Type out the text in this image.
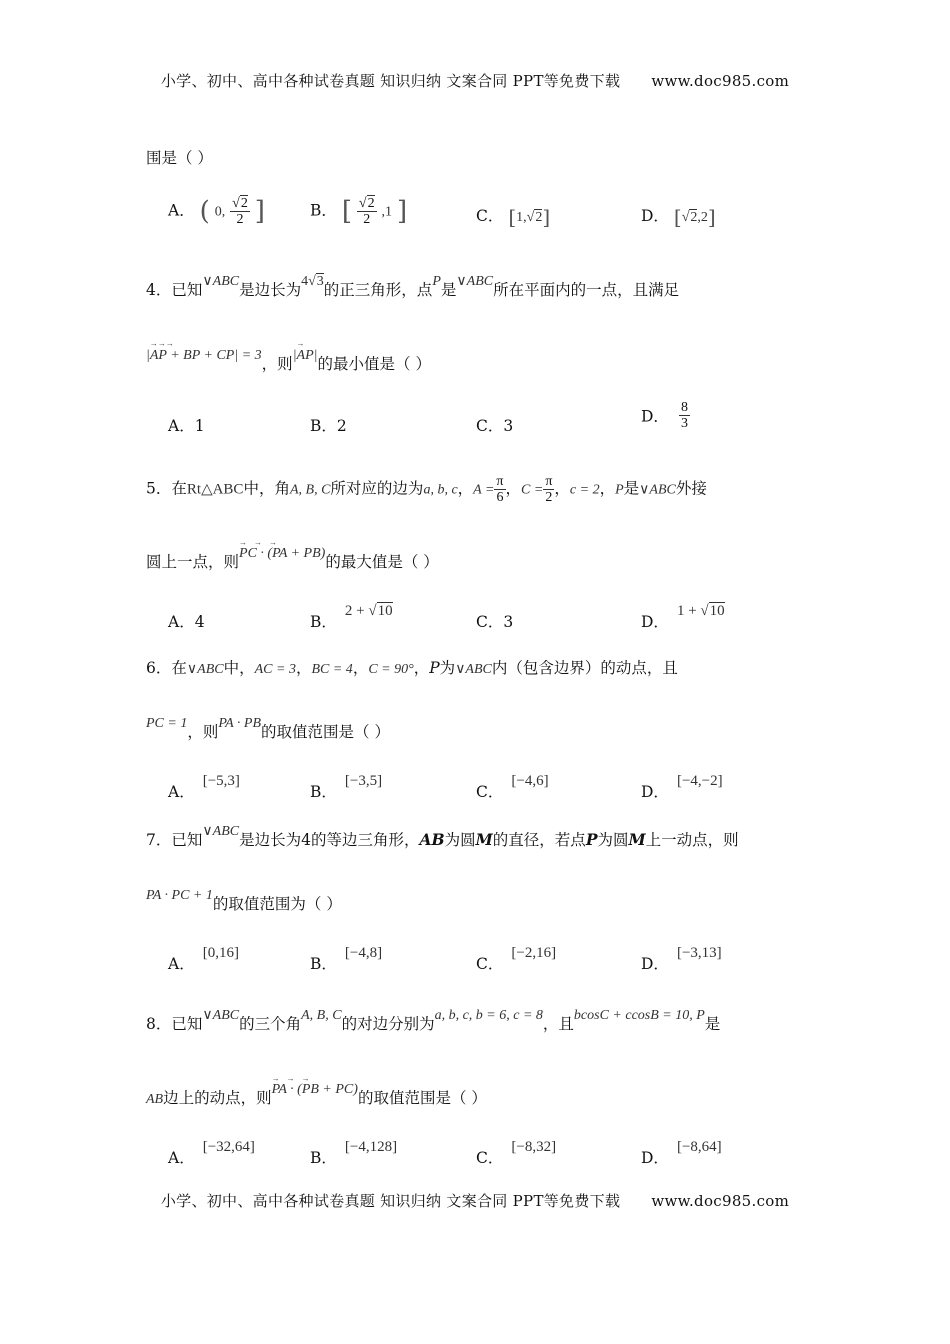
小学、初中、高中各种试卷真题 知识归纳 文案合同 PPT等免费下载 www.doc985.com
围是（ ）
A． ( 0, $\frac{√2}{2}$ ]	B． [ $\frac{√2}{2} ,1$ ]	C． [1,√2]	D． [√2,2]
4．已知∨ABC是边长为4√3的正三角形，点P是∨ABC所在平面内的一点，且满足
|
→ → →
AP + BP + CP| = 3，则|
→
AP|的最小值是（ ）
A．1	B．2	C．3
D． $\frac{8}{3}$
5．在Rt△ABC中，角A, B, C所对应的边为a, b, c，$A = \frac{\pi}{6}$ ，$C = \frac{\pi}{2}$ ，c = 2，P是∨ABC外接
圆上一点，则
→　 →　 →
PC · (PA + PB)的最大值是（ ）
A．4	B．2 + √10
C．3	D．1 + √10
6．在∨ABC中，AC = 3，BC = 4，C = 90°，P为∨ABC内（包含边界）的动点，且
PC = 1，则PA · PB的取值范围是（ ）
A．[−5,3]
B．[−3,5]
C．[−4,6]
D．[−4,−2]
7．已知∨ABC是边长为4的等边三角形，AB为圆M的直径，若点P为圆M上一动点，则
PA · PC + 1的取值范围为（ ）
A．[0,16]
B．[−4,8]
C．[−2,16]
D．[−3,13]
8．已知∨ABC的三个角A, B, C的对边分别为a, b, c, b = 6, c = 8，且bcosC + ccosB = 10, P是
AB边上的动点，则
→　 →　 →
PA · (PB + PC)的取值范围是（ ）
A．[−32,64]
B．[−4,128]
C．[−8,32]
D．[−8,64]
小学、初中、高中各种试卷真题 知识归纳 文案合同 PPT等免费下载 www.doc985.com
